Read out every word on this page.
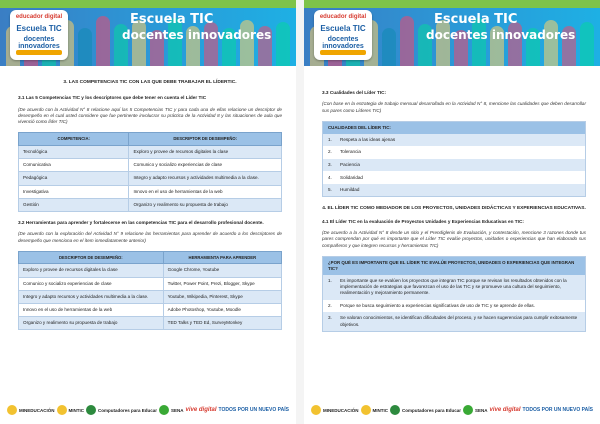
educador digital
Escuela TIC
docentes innovadores
Escuela TIC
docentes innovadores
3. LAS COMPETENCIAS TIC CON LAS QUE DEBE TRABAJAR EL LÍDERTIC.
3.1 Las 5 Competencias TIC y los descriptores que debe tener en cuenta el Líder TIC
(De acuerdo con la Actividad N° 8 relacione aquí las 5 Competencias TIC y para cada una de ellas relacione un descriptor de desempeño en el cual usted considere que fue pertinente involucrar su práctica de la Actividad 8 y las situaciones de aula que vivenció como líder TIC)
COMPETENCIA:	DESCRIPTOR DE DESEMPEÑO:
Tecnológica	Exploro y provee de recursos digitales la clase
Comunicativa	Comunico y socializo experiencias de clase
Pedagógica	Integro y adapto recursos y actividades multimedia a la clase.
Investigativa	Innovo en el uso de herramientas de la web
Gestión	Organizo y realimento su propuesta de trabajo
3.2 Herramientas para aprender y fortalecerse en las competencias TIC para el desarrollo profesional docente.
(De acuerdo con la exploración del Actividad N° 9 relacione las herramientas para aprender de acuerdo a los descriptores de desempeño que menciona en el ítem inmediatamente anterior)
DESCRIPTOR DE DESEMPEÑO:	HERRAMIENTA PARA APRENDER
Exploro y provee de recursos digitales la clase	Google Chrome, Youtube
Comunico y socializo experiencias de clase	Twitter, Power Point, Prezi, Blogger, Skype
Integro y adapto recursos y actividades multimedia a la clase.	Youtube, Wikipedia, Pinterest, Skype
Innovo en el uso de herramientas de la web	Adobe Photoshop, Youtube, Moodle
Organizo y realimento su propuesta de trabajo	TED Talks y TED Ed, SurveyMonkey
MINEDUCACIÓN	MINTIC	Computadores para Educar	SENA vive digital TODOS POR UN NUEVO PAÍS
educador digital
Escuela TIC
docentes innovadores
Escuela TIC
docentes innovadores
3.3 Cualidades del Líder TIC:
(Con base en la estrategia de trabajo mensual desarrollada en la Actividad N° 8, mencione las cualidades que deben desarrollar sus pares como Líderes TIC)
CUALIDADES DEL LÍDER TIC:
1.	Respeta a las ideas ajenas
2.	Tolerancia
3.	Paciencia
4.	Solidaridad
5.	Humildad
4. EL LÍDER TIC COMO MEDIADOR DE LOS PROYECTOS, UNIDADES DIDÁCTICAS Y EXPERIENCIAS EDUCATIVAS.
4.1 El Líder TIC en la evaluación de Proyectos Unidades y Experiencias Educativas en TIC:
(De acuerdo a la Actividad N° 8 desde un sitio y el Prendiglenis de Evaluación, y contestación, mencione 3 razones donde tus pares comprendan por qué es importante que el Líder TIC evalúe proyectos, unidades o experiencias que han elaborado sus compañeros y que integren recursos y herramientas TIC)
¿POR QUÉ ES IMPORTANTE QUE EL LÍDER TIC EVALÚE PROYECTOS, UNIDADES O EXPERIENCIAS QUE INTEGRAN TIC?
1.	Es importante que se evalúen los proyectos que integran TIC porque se revisan los resultados obtenidos con la implementación de estrategias que favorezcan el uso de las TIC y se promueve una cultura del seguimiento, realimentación y mejoramiento permanente.
2.	Porque se busca seguimiento a experiencias significativas de uso de TIC y se aprende de ellas.
3.	Se valoran conocimientos, se identifican dificultades del proceso, y se hacen sugerencias para cumplir exitosamente objetivos.
MINEDUCACIÓN	MINTIC	Computadores para Educar	SENA vive digital TODOS POR UN NUEVO PAÍS
